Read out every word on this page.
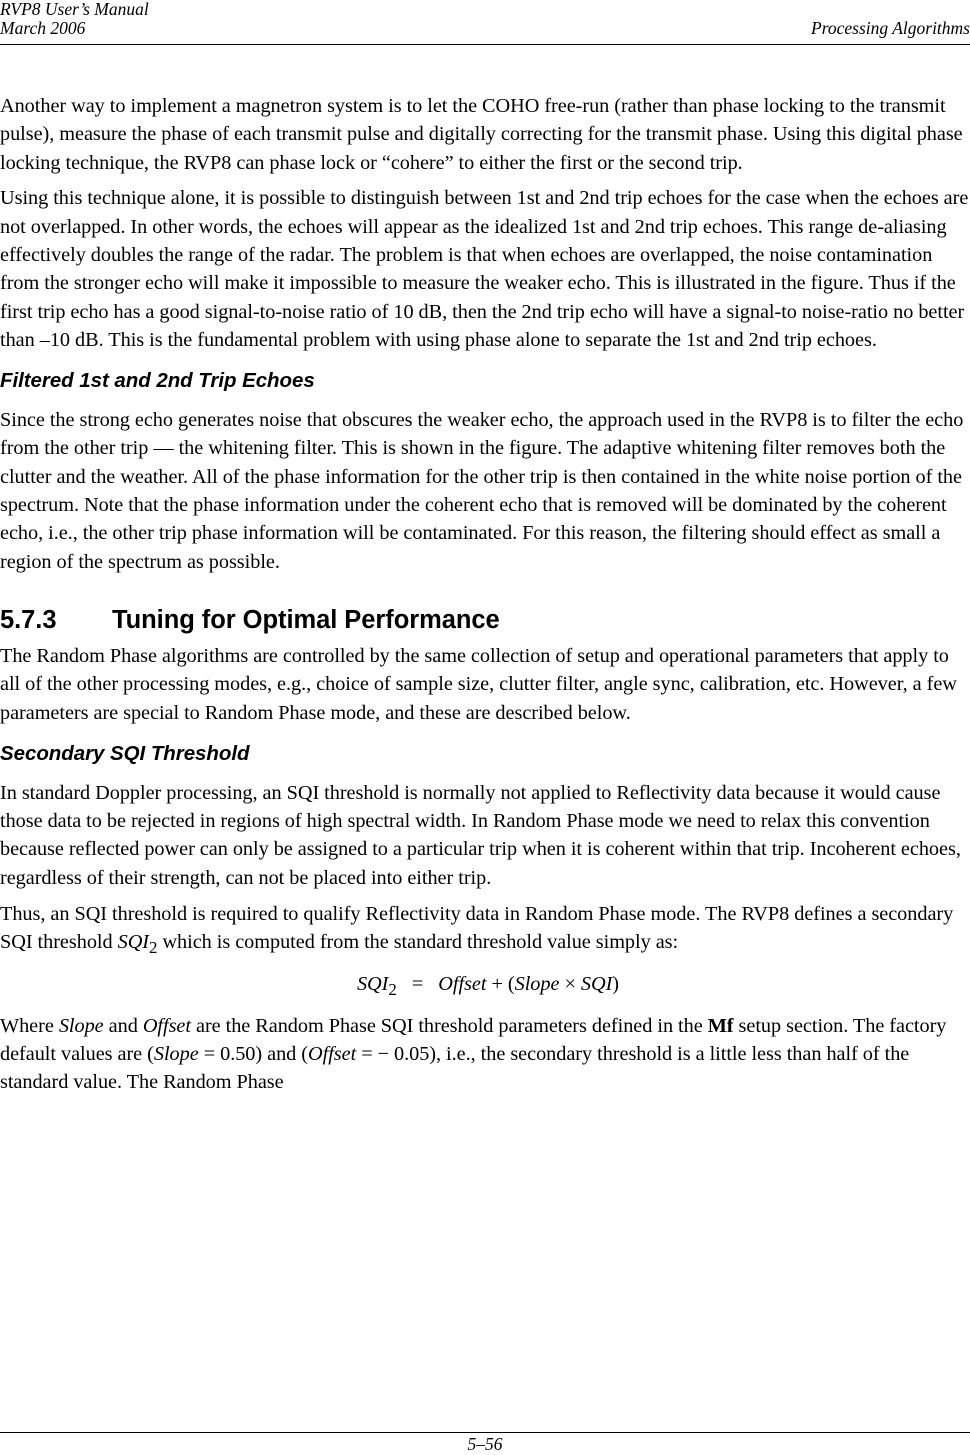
RVP8 User’s Manual
March 2006	Processing Algorithms

Another way to implement a magnetron system is to let the COHO free-run (rather than phase locking to the transmit pulse), measure the phase of each transmit pulse and digitally correcting for the transmit phase. Using this digital phase locking technique, the RVP8 can phase lock or “cohere” to either the first or the second trip.

Using this technique alone, it is possible to distinguish between 1st and 2nd trip echoes for the case when the echoes are not overlapped. In other words, the echoes will appear as the idealized 1st and 2nd trip echoes. This range de-aliasing effectively doubles the range of the radar. The problem is that when echoes are overlapped, the noise contamination from the stronger echo will make it impossible to measure the weaker echo. This is illustrated in the figure. Thus if the first trip echo has a good signal-to-noise ratio of 10 dB, then the 2nd trip echo will have a signal-to noise-ratio no better than –10 dB. This is the fundamental problem with using phase alone to separate the 1st and 2nd trip echoes.

Filtered 1st and 2nd Trip Echoes

Since the strong echo generates noise that obscures the weaker echo, the approach used in the RVP8 is to filter the echo from the other trip — the whitening filter. This is shown in the figure. The adaptive whitening filter removes both the clutter and the weather. All of the phase information for the other trip is then contained in the white noise portion of the spectrum. Note that the phase information under the coherent echo that is removed will be dominated by the coherent echo, i.e., the other trip phase information will be contaminated. For this reason, the filtering should effect as small a region of the spectrum as possible.

5.7.3 Tuning for Optimal Performance

The Random Phase algorithms are controlled by the same collection of setup and operational parameters that apply to all of the other processing modes, e.g., choice of sample size, clutter filter, angle sync, calibration, etc. However, a few parameters are special to Random Phase mode, and these are described below.

Secondary SQI Threshold

In standard Doppler processing, an SQI threshold is normally not applied to Reflectivity data because it would cause those data to be rejected in regions of high spectral width. In Random Phase mode we need to relax this convention because reflected power can only be assigned to a particular trip when it is coherent within that trip. Incoherent echoes, regardless of their strength, can not be placed into either trip.

Thus, an SQI threshold is required to qualify Reflectivity data in Random Phase mode. The RVP8 defines a secondary SQI threshold $SQI_2$ which is computed from the standard threshold value simply as:

$SQI_2$ = Offset + (Slope × SQI)

Where Slope and Offset are the Random Phase SQI threshold parameters defined in the Mf setup section. The factory default values are (Slope = 0.50) and (Offset = − 0.05), i.e., the secondary threshold is a little less than half of the standard value. The Random Phase

5–56
